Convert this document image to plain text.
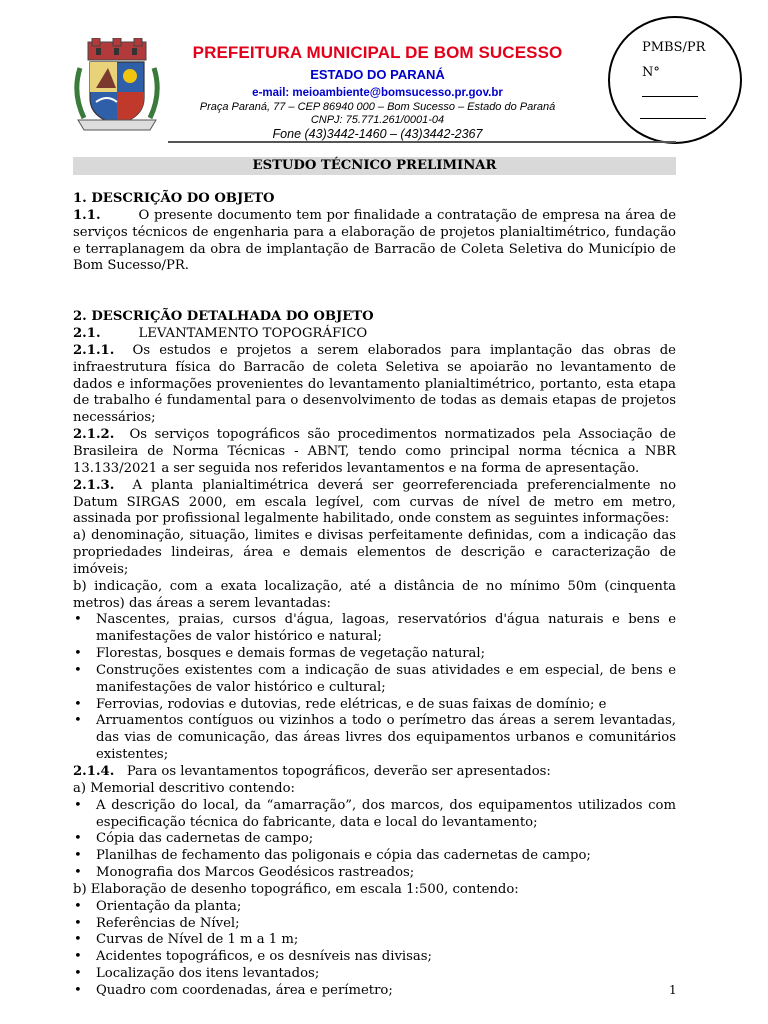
PREFEITURA MUNICIPAL DE BOM SUCESSO
ESTADO DO PARANÁ
e-mail: meioambiente@bomsucesso.pr.gov.br
Praça Paraná, 77 – CEP 86940 000 – Bom Sucesso – Estado do Paraná
CNPJ: 75.771.261/0001-04
Fone (43)3442-1460 – (43)3442-2367
PMBS/PR
N°
ESTUDO TÉCNICO PRELIMINAR
1. DESCRIÇÃO DO OBJETO
1.1.	O presente documento tem por finalidade a contratação de empresa na área de serviços técnicos de engenharia para a elaboração de projetos planialtimétrico, fundação e terraplanagem da obra de implantação de Barracão de Coleta Seletiva do Município de Bom Sucesso/PR.
2. DESCRIÇÃO DETALHADA DO OBJETO
2.1.	LEVANTAMENTO TOPOGRÁFICO
2.1.1. Os estudos e projetos a serem elaborados para implantação das obras de infraestrutura física do Barracão de coleta Seletiva se apoiarão no levantamento de dados e informações provenientes do levantamento planialtimétrico, portanto, esta etapa de trabalho é fundamental para o desenvolvimento de todas as demais etapas de projetos necessários;
2.1.2. Os serviços topográficos são procedimentos normatizados pela Associação de Brasileira de Norma Técnicas - ABNT, tendo como principal norma técnica a NBR 13.133/2021 a ser seguida nos referidos levantamentos e na forma de apresentação.
2.1.3. A planta planialtimétrica deverá ser georreferenciada preferencialmente no Datum SIRGAS 2000, em escala legível, com curvas de nível de metro em metro, assinada por profissional legalmente habilitado, onde constem as seguintes informações:
a) denominação, situação, limites e divisas perfeitamente definidas, com a indicação das propriedades lindeiras, área e demais elementos de descrição e caracterização de imóveis;
b) indicação, com a exata localização, até a distância de no mínimo 50m (cinquenta metros) das áreas a serem levantadas:
• Nascentes, praias, cursos d'água, lagoas, reservatórios d'água naturais e bens e manifestações de valor histórico e natural;
• Florestas, bosques e demais formas de vegetação natural;
• Construções existentes com a indicação de suas atividades e em especial, de bens e manifestações de valor histórico e cultural;
• Ferrovias, rodovias e dutovias, rede elétricas, e de suas faixas de domínio; e
• Arruamentos contíguos ou vizinhos a todo o perímetro das áreas a serem levantadas, das vias de comunicação, das áreas livres dos equipamentos urbanos e comunitários existentes;
2.1.4. Para os levantamentos topográficos, deverão ser apresentados:
a) Memorial descritivo contendo:
• A descrição do local, da “amarração”, dos marcos, dos equipamentos utilizados com especificação técnica do fabricante, data e local do levantamento;
• Cópia das cadernetas de campo;
• Planilhas de fechamento das poligonais e cópia das cadernetas de campo;
• Monografia dos Marcos Geodésicos rastreados;
b) Elaboração de desenho topográfico, em escala 1:500, contendo:
• Orientação da planta;
• Referências de Nível;
• Curvas de Nível de 1 m a 1 m;
• Acidentes topográficos, e os desníveis nas divisas;
• Localização dos itens levantados;
• Quadro com coordenadas, área e perímetro;	1
